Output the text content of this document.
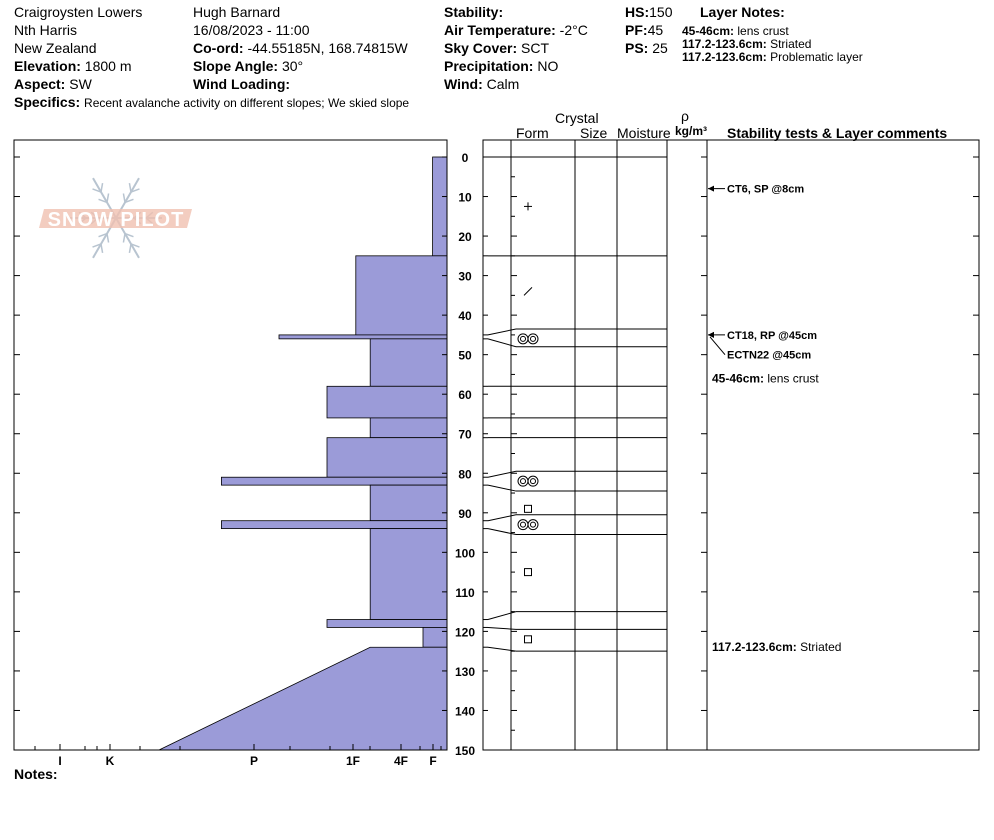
Craigroysten Lowers
Nth Harris
New Zealand
Elevation: 1800 m
Aspect: SW
Specifics: Recent avalanche activity on different slopes; We skied slope
Hugh Barnard
16/08/2023 - 11:00
Co-ord: -44.55185N, 168.74815W
Slope Angle: 30°
Wind Loading:
Stability:
Air Temperature: -2°C
Sky Cover: SCT
Precipitation: NO
Wind: Calm
HS:150
PF:45
PS: 25
Layer Notes:
45-46cm: lens crust
117.2-123.6cm: Striated
117.2-123.6cm: Problematic layer
Crystal
Form Size Moisture
ρ
kg/m³ Stability tests & Layer comments
Notes:
SNOW PILOT
0
10
20
30
40
50
60
70
80
90
100
110
120
130
140
150
I	K	P	1F	4F F
CT6, SP @8cm
CT18, RP @45cm
ECTN22 @45cm
45-46cm: lens crust
117.2-123.6cm: Striated
